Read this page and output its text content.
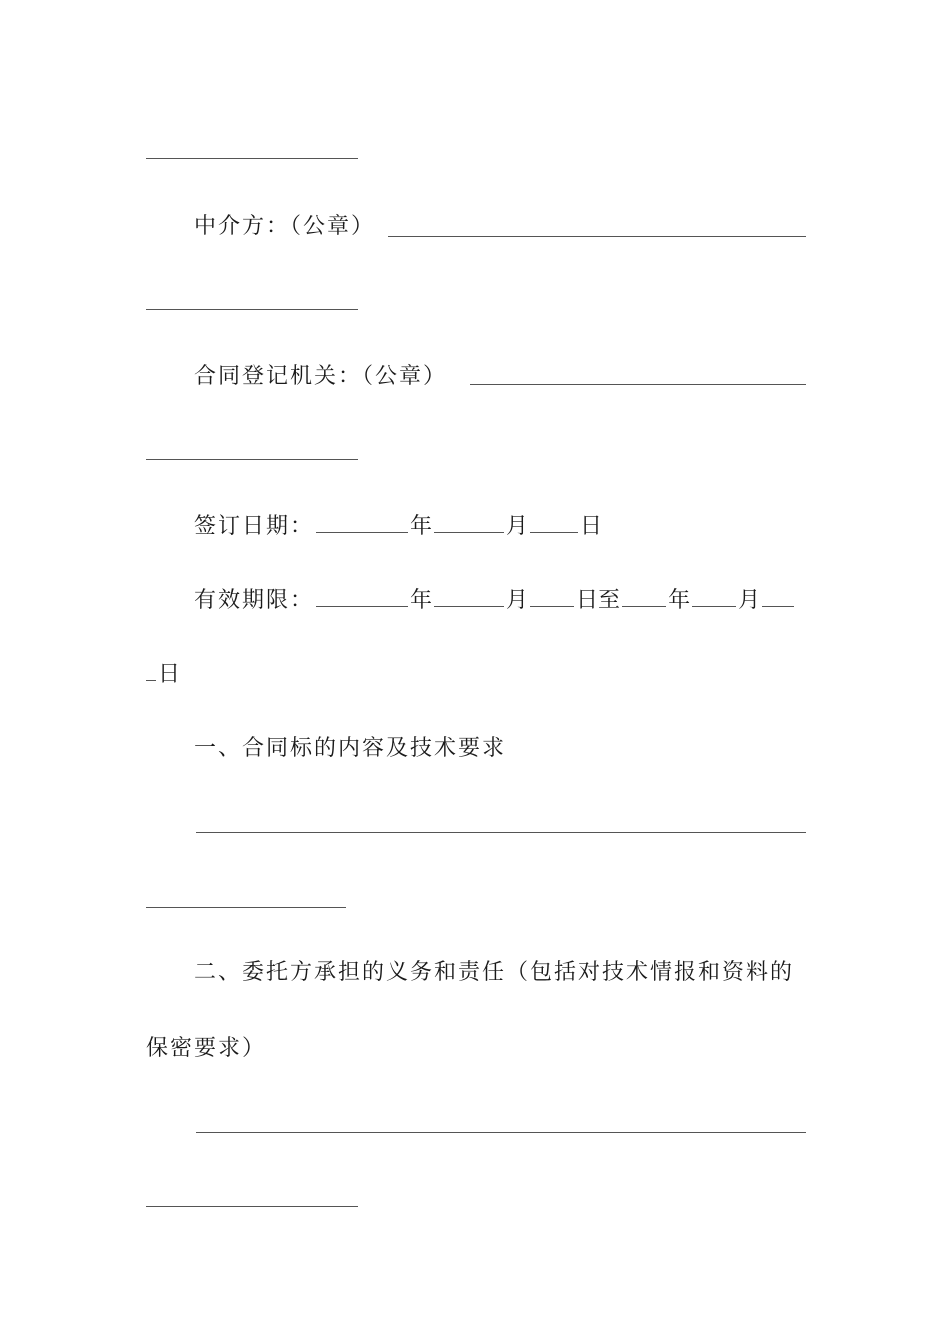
中介方：（公章）
合同登记机关：（公章）
签订日期：	年	月 日
有效期限：	年	月 日至 年 月
日
一、合同标的内容及技术要求
二、委托方承担的义务和责任（包括对技术情报和资料的
保密要求）
